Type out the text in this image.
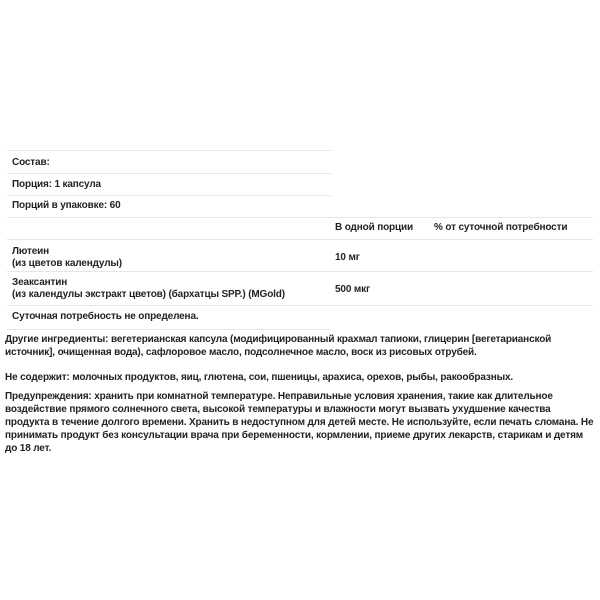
Состав:
Порция: 1 капсула
Порций в упаковке: 60
В одной порции % от суточной потребности
Лютеин
(из цветов календулы)	10 мг
Зеаксантин
(из календулы экстракт цветов) (бархатцы SPP.) (MGold)	500 мкг
Суточная потребность не определена.
Другие ингредиенты: вегетерианская капсула (модифицированный крахмал тапиоки, глицерин [вегетарианской источник], очищенная вода), сафлоровое масло, подсолнечное масло, воск из рисовых отрубей.
Не содержит: молочных продуктов, яиц, глютена, сои, пшеницы, арахиса, орехов, рыбы, ракообразных.
Предупреждения: хранить при комнатной температуре. Неправильные условия хранения, такие как длительное воздействие прямого солнечного света, высокой температуры и влажности могут вызвать ухудшение качества продукта в течение долгого времени. Хранить в недоступном для детей месте. Не используйте, если печать сломана. Не принимать продукт без консультации врача при беременности, кормлении, приеме других лекарств, старикам и детям до 18 лет.
